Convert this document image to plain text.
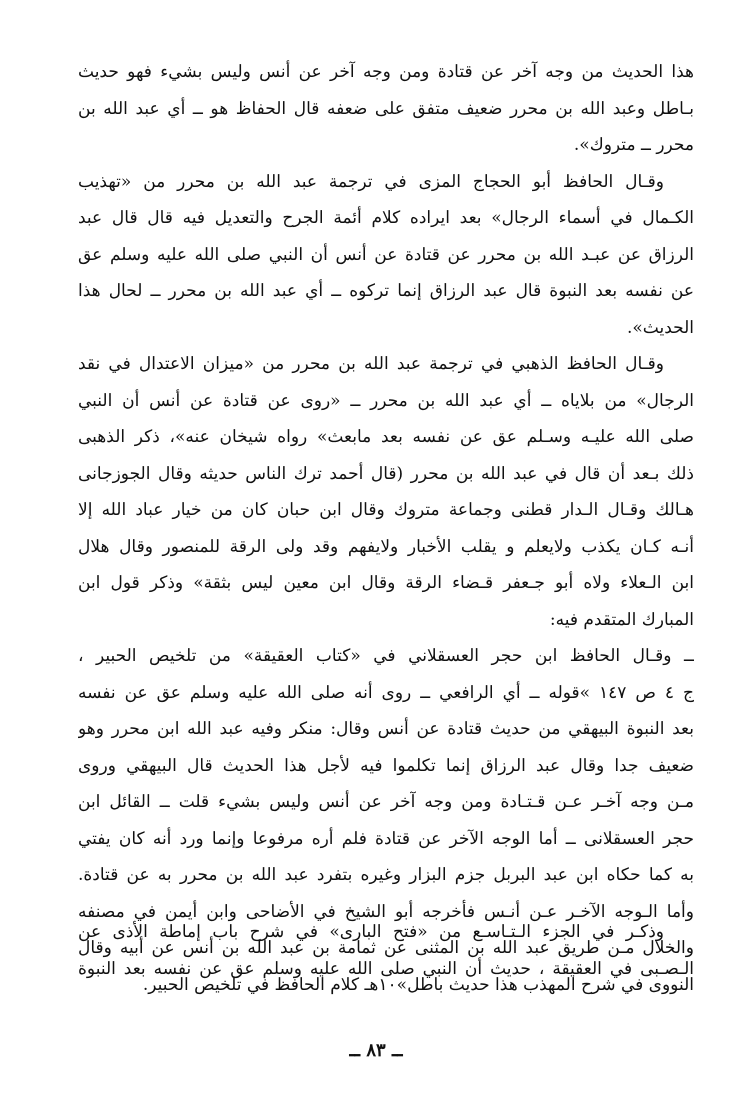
هذا الحديث من وجه آخر عن قتادة ومن وجه آخر عن أنس وليس بشيء فهو حديث
بـاطل وعبد الله بن محرر ضعيف متفق على ضعفه قال الحفاظ هو ــ أي عبد الله بن
محرر ــ متروك».
وقـال الحافظ أبو الحجاج المزى في ترجمة عبد الله بن محرر من «تهذيب
الكـمال في أسماء الرجال» بعد ايراده كلام أئمة الجرح والتعديل فيه قال قال عبد
الرزاق عن عبـد الله بن محرر عن قتادة عن أنس أن النبي صلى الله عليه وسلم عق
عن نفسه بعد النبوة قال عبد الرزاق إنما تركوه ــ أي عبد الله بن محرر ــ لحال هذا
الحديث».
وقـال الحافظ الذهبي في ترجمة عبد الله بن محرر من «ميزان الاعتدال في نقد
الرجال» من بلاياه ــ أي عبد الله بن محرر ــ «روى عن قتادة عن أنس أن النبي
صلى الله عليـه وسـلم عق عن نفسه بعد مابعث» رواه شيخان عنه»، ذكر الذهبى
ذلك بـعد أن قال في عبد الله بن محرر (قال أحمد ترك الناس حديثه وقال الجوزجانى
هـالك وقـال الـدار قطنى وجماعة متروك وقال ابن حبان كان من خيار عباد الله إلا
أنـه كـان يكذب ولايعلم و يقلب الأخبار ولايفهم وقد ولى الرقة للمنصور وقال هلال
ابن الـعلاء ولاه أبو جـعفر قـضاء الرقة وقال ابن معين ليس بثقة» وذكر قول ابن
المبارك المتقدم فيه:
ــ وقـال الحافظ ابن حجر العسقلاني في «كتاب العقيقة» من تلخيص الحبير ،
ج ٤ ص ١٤٧ »قوله ــ أي الرافعي ــ روى أنه صلى الله عليه وسلم عق عن نفسه
بعد النبوة البيهقي من حديث قتادة عن أنس وقال: منكر وفيه عبد الله ابن محرر وهو
ضعيف جدا وقال عبد الرزاق إنما تكلموا فيه لأجل هذا الحديث قال البيهقي وروى
مـن وجه آخـر عـن قـتـادة ومن وجه آخر عن أنس وليس بشيء قلت ــ القائل ابن
حجر العسقلانى ــ أما الوجه الآخر عن قتادة فلم أره مرفوعا وإنما ورد أنه كان يفتي
به كما حكاه ابن عبد البربل جزم البزار وغيره بتفرد عبد الله بن محرر به عن قتادة.
وأما الـوجه الآخـر عـن أنـس فأخرجه أبو الشيخ في الأضاحى وابن أيمن في مصنفه
والخلال مـن طريق عبد الله بن المثنى عن ثمامة بن عبد الله بن أنس عن أبيه وقال
النووى في شرح المهذب هذا حديث باطل»١٠هـ كلام الحافظ في تلخيص الحبير.
وذكـر في الجزء الـتـاسـع من «فتح البارى» في شرح باب إماطة الأذى عن
الـصـبى في العقيقة ، حديث أن النبي صلى الله عليه وسلم عق عن نفسه بعد النبوة
ــ ٨٣ ــ
